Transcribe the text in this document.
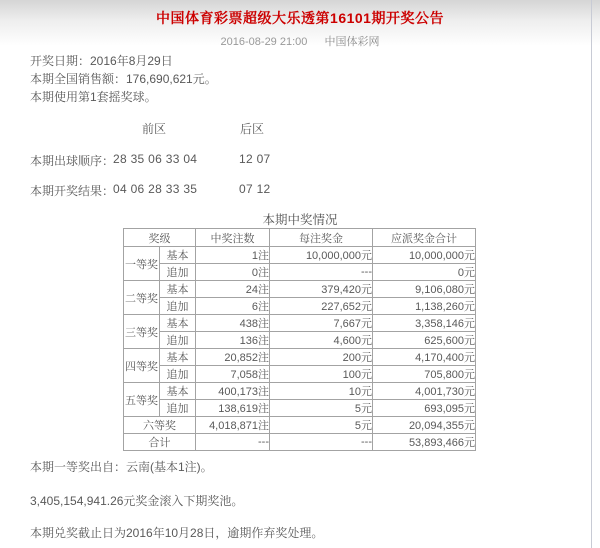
中国体育彩票超级大乐透第16101期开奖公告
2016-08-29 21:00 中国体彩网
开奖日期：2016年8月29日
本期全国销售额：176,690,621元。
本期使用第1套摇奖球。
前区	后区
本期出球顺序：
28 35 06 33 04	12 07
本期开奖结果：
04 06 28 33 35	07 12
本期中奖情况
奖级		中奖注数	每注奖金	应派奖金合计
一等奖	基本	1注	10,000,000元	10,000,000元
	追加	0注	---	0元
二等奖	基本	24注	379,420元	9,106,080元
	追加	6注	227,652元	1,138,260元
三等奖	基本	438注	7,667元	3,358,146元
	追加	136注	4,600元	625,600元
四等奖	基本	20,852注	200元	4,170,400元
	追加	7,058注	100元	705,800元
五等奖	基本	400,173注	10元	4,001,730元
	追加	138,619注	5元	693,095元
六等奖		4,018,871注	5元	20,094,355元
合计		---	---	53,893,466元
本期一等奖出自：云南(基本1注)。
3,405,154,941.26元奖金滚入下期奖池。
本期兑奖截止日为2016年10月28日，逾期作弃奖处理。
